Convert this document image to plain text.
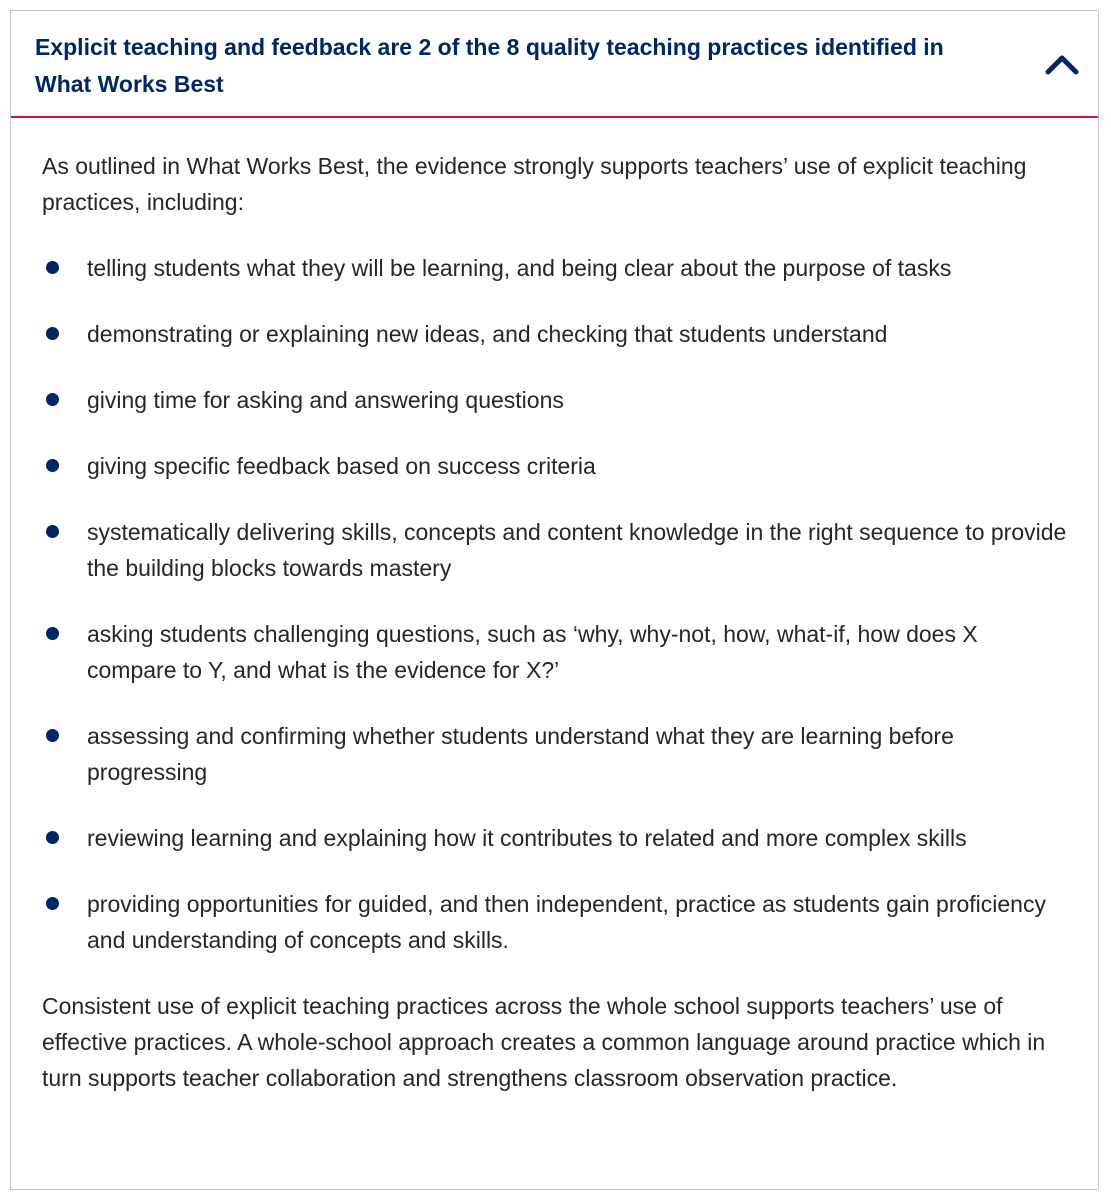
Explicit teaching and feedback are 2 of the 8 quality teaching practices identified in What Works Best

As outlined in What Works Best, the evidence strongly supports teachers’ use of explicit teaching practices, including:

telling students what they will be learning, and being clear about the purpose of tasks
demonstrating or explaining new ideas, and checking that students understand
giving time for asking and answering questions
giving specific feedback based on success criteria
systematically delivering skills, concepts and content knowledge in the right sequence to provide the building blocks towards mastery
asking students challenging questions, such as ‘why, why-not, how, what-if, how does X compare to Y, and what is the evidence for X?’
assessing and confirming whether students understand what they are learning before progressing
reviewing learning and explaining how it contributes to related and more complex skills
providing opportunities for guided, and then independent, practice as students gain proficiency and understanding of concepts and skills.

Consistent use of explicit teaching practices across the whole school supports teachers’ use of effective practices. A whole-school approach creates a common language around practice which in turn supports teacher collaboration and strengthens classroom observation practice.
